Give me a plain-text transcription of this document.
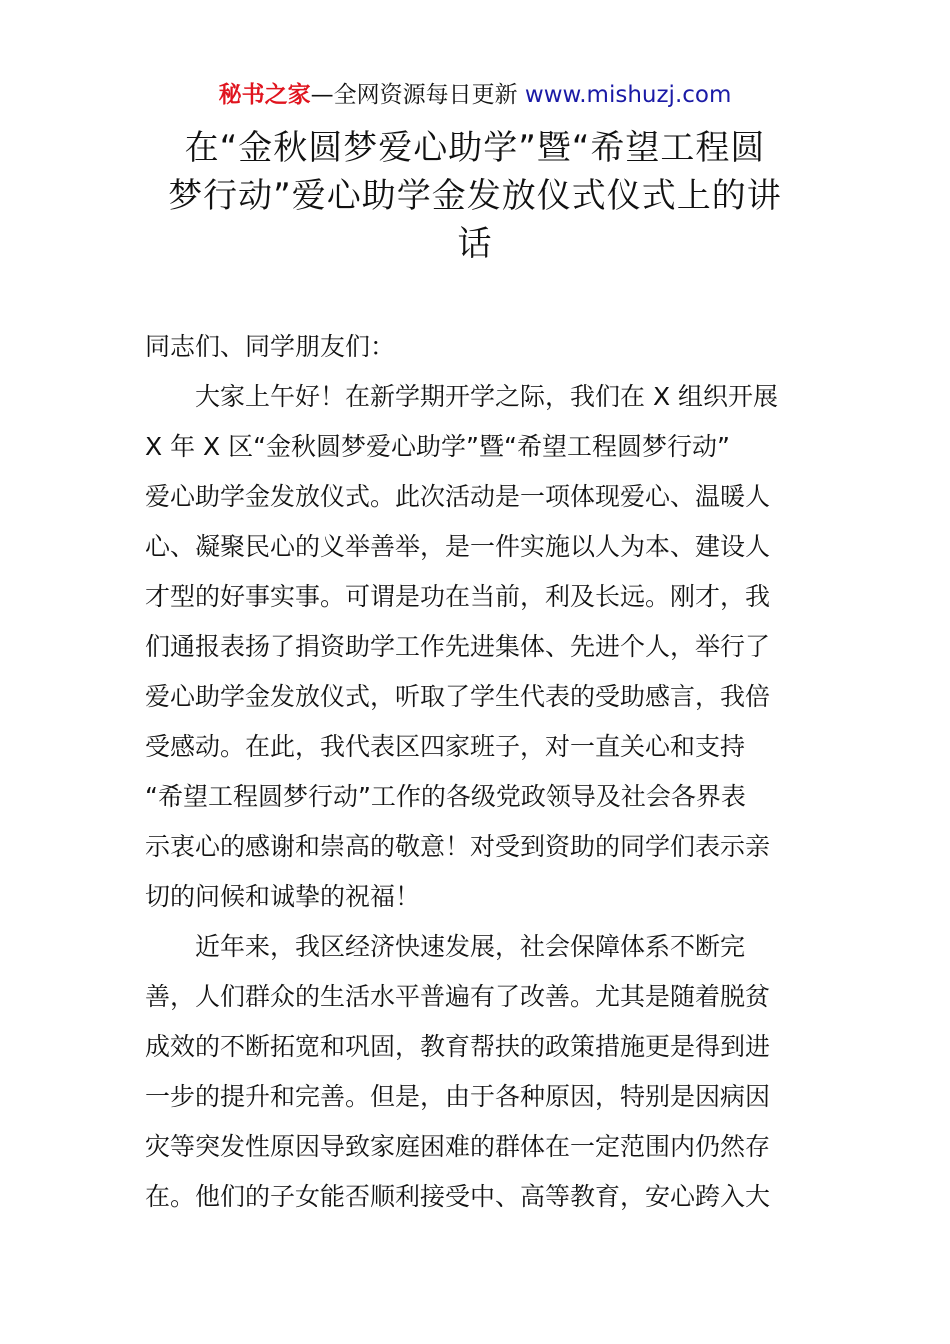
秘书之家—全网资源每日更新 www.mishuzj.com
在“金秋圆梦爱心助学”暨“希望工程圆
梦行动”爱心助学金发放仪式仪式上的讲
话

同志们、同学朋友们：

大家上午好！在新学期开学之际，我们在 X 组织开展
X 年 X 区“金秋圆梦爱心助学”暨“希望工程圆梦行动”
爱心助学金发放仪式。此次活动是一项体现爱心、温暖人
心、凝聚民心的义举善举，是一件实施以人为本、建设人
才型的好事实事。可谓是功在当前，利及长远。刚才，我
们通报表扬了捐资助学工作先进集体、先进个人，举行了
爱心助学金发放仪式，听取了学生代表的受助感言，我倍
受感动。在此，我代表区四家班子，对一直关心和支持
“希望工程圆梦行动”工作的各级党政领导及社会各界表
示衷心的感谢和崇高的敬意！对受到资助的同学们表示亲
切的问候和诚挚的祝福！

近年来，我区经济快速发展，社会保障体系不断完
善，人们群众的生活水平普遍有了改善。尤其是随着脱贫
成效的不断拓宽和巩固，教育帮扶的政策措施更是得到进
一步的提升和完善。但是，由于各种原因，特别是因病因
灾等突发性原因导致家庭困难的群体在一定范围内仍然存
在。他们的子女能否顺利接受中、高等教育，安心跨入大
